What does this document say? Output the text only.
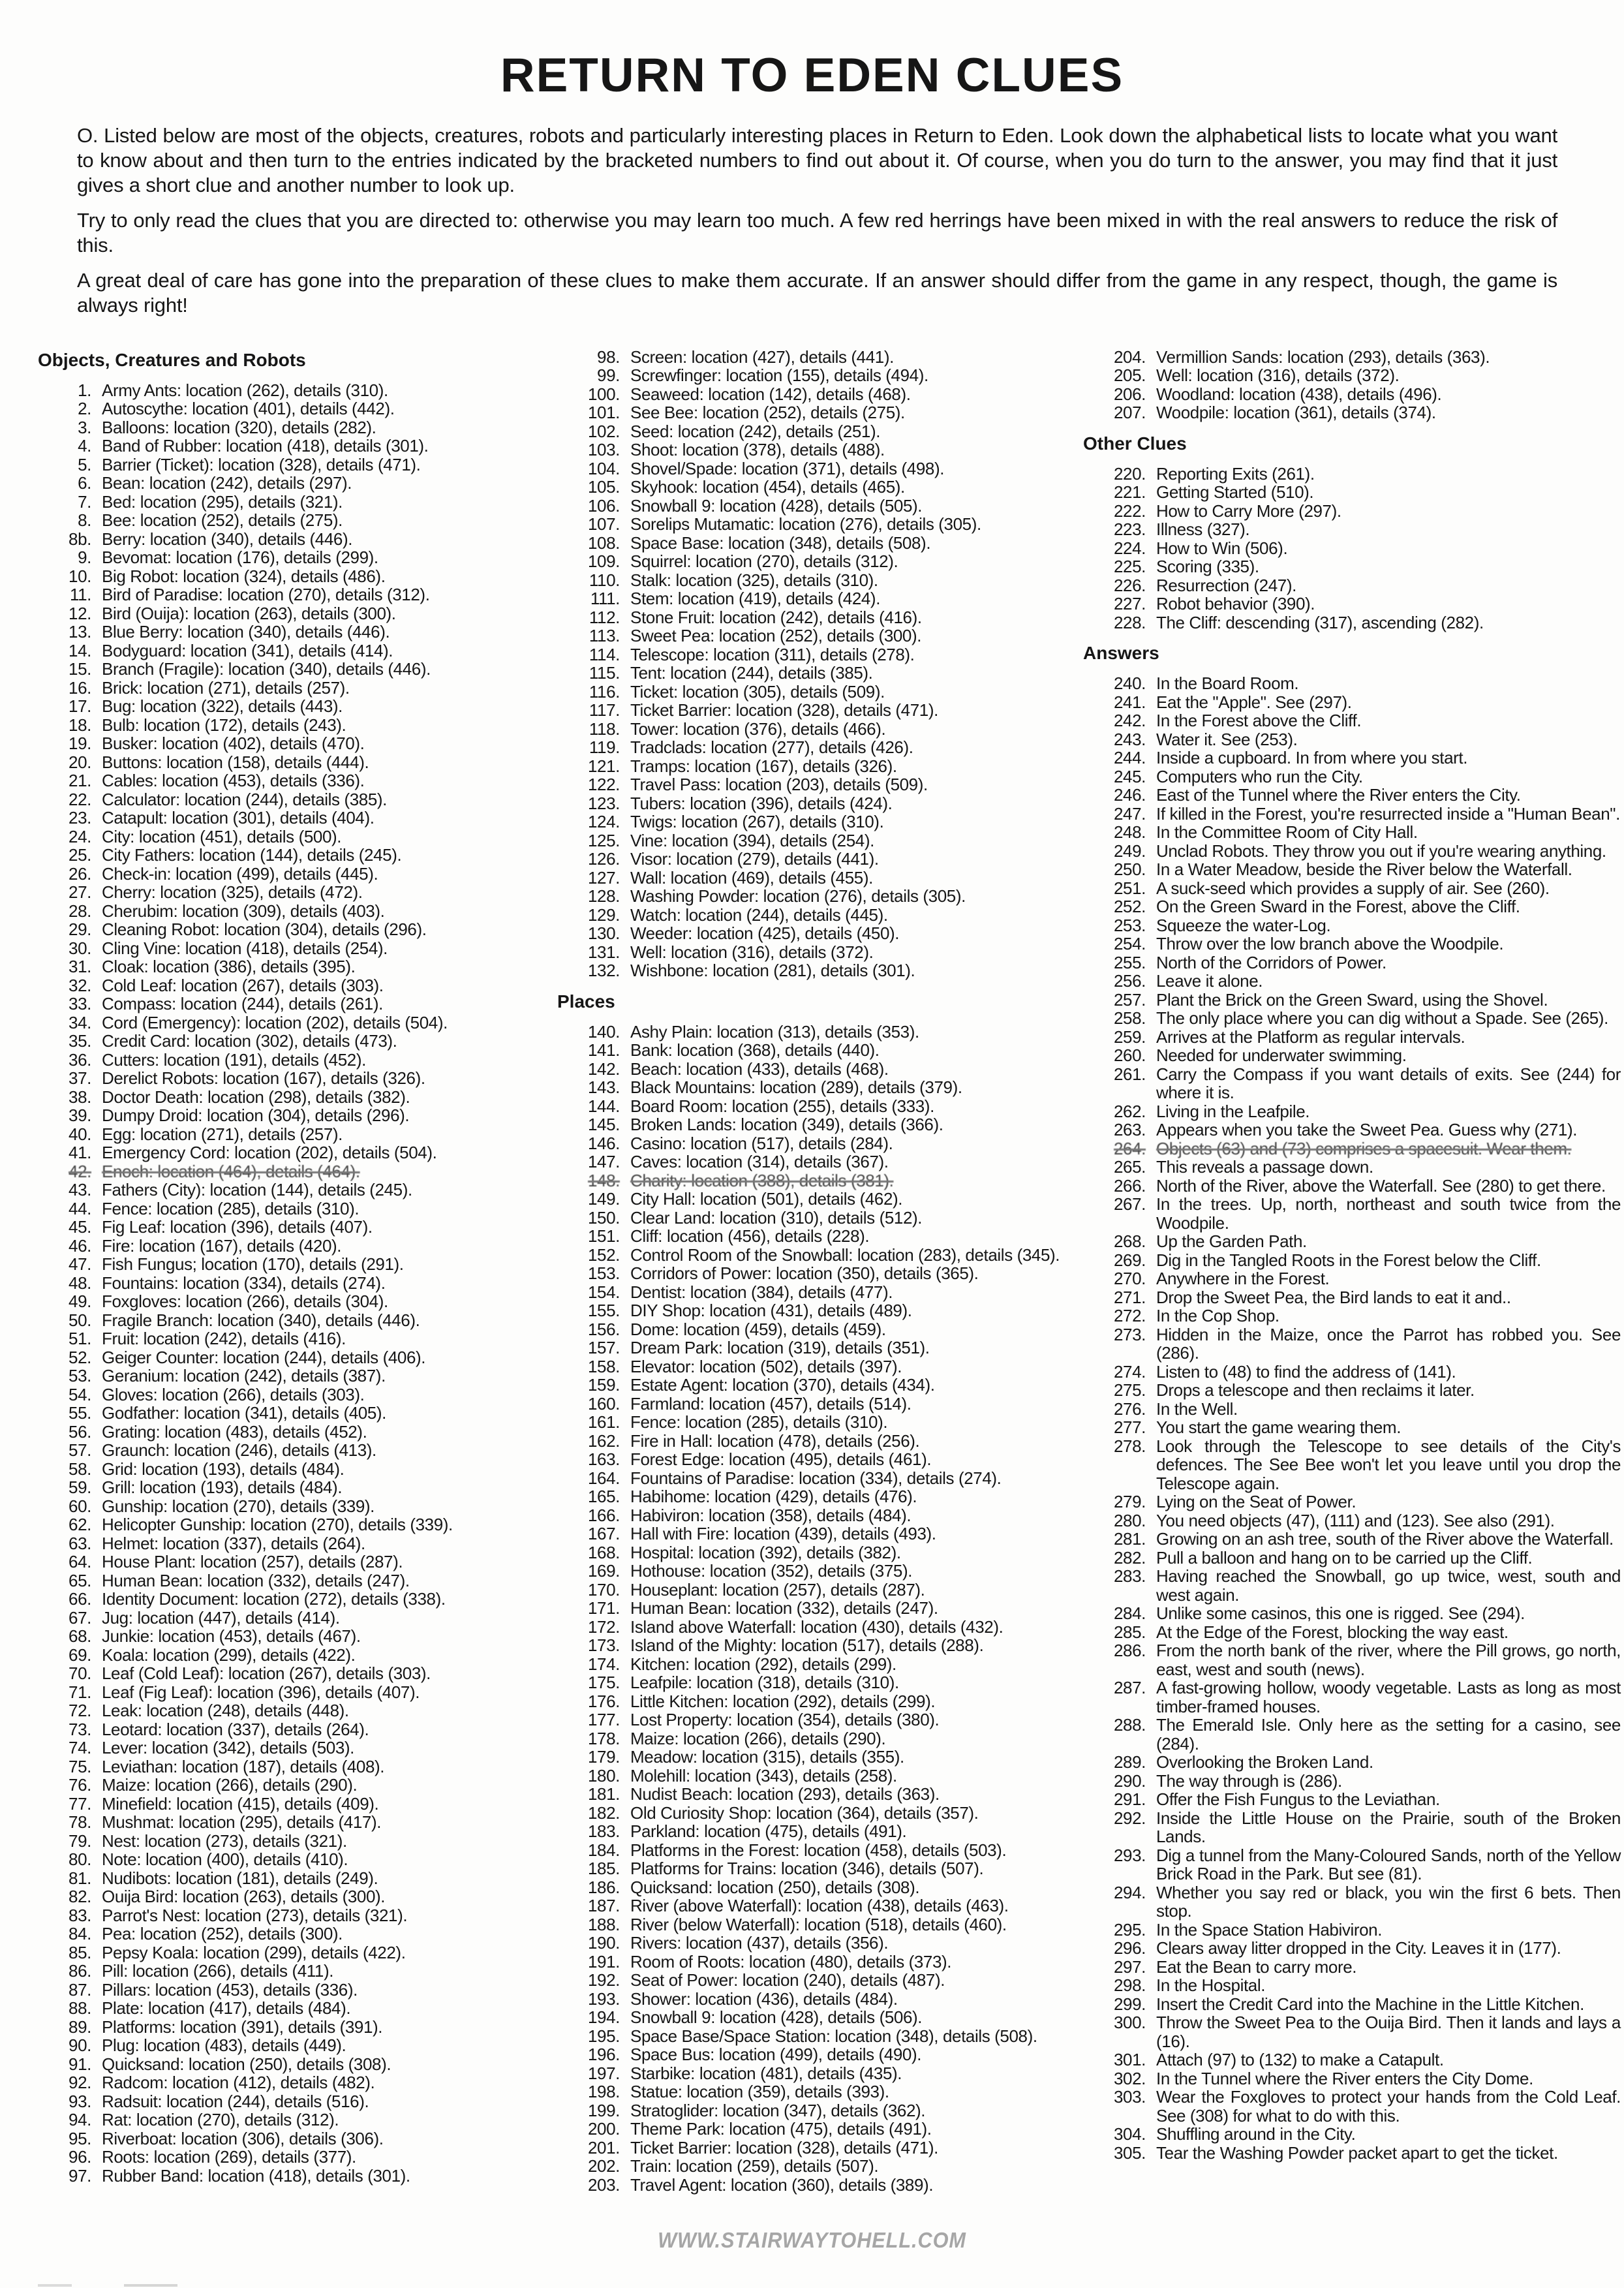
RETURN TO EDEN CLUES

O. Listed below are most of the objects, creatures, robots and particularly interesting places in Return to Eden. Look down the alphabetical lists to locate what you want to know about and then turn to the entries indicated by the bracketed numbers to find out about it. Of course, when you do turn to the answer, you may find that it just gives a short clue and another number to look up.

Try to only read the clues that you are directed to: otherwise you may learn too much. A few red herrings have been mixed in with the real answers to reduce the risk of this.

A great deal of care has gone into the preparation of these clues to make them accurate. If an answer should differ from the game in any respect, though, the game is always right!

Objects, Creatures and Robots
1. Army Ants: location (262), details (310).
2. Autoscythe: location (401), details (442).
3. Balloons: location (320), details (282).
4. Band of Rubber: location (418), details (301).
5. Barrier (Ticket): location (328), details (471).
6. Bean: location (242), details (297).
7. Bed: location (295), details (321).
8. Bee: location (252), details (275).
8b. Berry: location (340), details (446).
9. Bevomat: location (176), details (299).
10. Big Robot: location (324), details (486).
11. Bird of Paradise: location (270), details (312).
12. Bird (Ouija): location (263), details (300).
13. Blue Berry: location (340), details (446).
14. Bodyguard: location (341), details (414).
15. Branch (Fragile): location (340), details (446).
16. Brick: location (271), details (257).
17. Bug: location (322), details (443).
18. Bulb: location (172), details (243).
19. Busker: location (402), details (470).
20. Buttons: location (158), details (444).
21. Cables: location (453), details (336).
22. Calculator: location (244), details (385).
23. Catapult: location (301), details (404).
24. City: location (451), details (500).
25. City Fathers: location (144), details (245).
26. Check-in: location (499), details (445).
27. Cherry: location (325), details (472).
28. Cherubim: location (309), details (403).
29. Cleaning Robot: location (304), details (296).
30. Cling Vine: location (418), details (254).
31. Cloak: location (386), details (395).
32. Cold Leaf: location (267), details (303).
33. Compass: location (244), details (261).
34. Cord (Emergency): location (202), details (504).
35. Credit Card: location (302), details (473).
36. Cutters: location (191), details (452).
37. Derelict Robots: location (167), details (326).
38. Doctor Death: location (298), details (382).
39. Dumpy Droid: location (304), details (296).
40. Egg: location (271), details (257).
41. Emergency Cord: location (202), details (504).
42. Enoch: location (464), details (464).
43. Fathers (City): location (144), details (245).
44. Fence: location (285), details (310).
45. Fig Leaf: location (396), details (407).
46. Fire: location (167), details (420).
47. Fish Fungus; location (170), details (291).
48. Fountains: location (334), details (274).
49. Foxgloves: location (266), details (304).
50. Fragile Branch: location (340), details (446).
51. Fruit: location (242), details (416).
52. Geiger Counter: location (244), details (406).
53. Geranium: location (242), details (387).
54. Gloves: location (266), details (303).
55. Godfather: location (341), details (405).
56. Grating: location (483), details (452).
57. Graunch: location (246), details (413).
58. Grid: location (193), details (484).
59. Grill: location (193), details (484).
60. Gunship: location (270), details (339).
62. Helicopter Gunship: location (270), details (339).
63. Helmet: location (337), details (264).
64. House Plant: location (257), details (287).
65. Human Bean: location (332), details (247).
66. Identity Document: location (272), details (338).
67. Jug: location (447), details (414).
68. Junkie: location (453), details (467).
69. Koala: location (299), details (422).
70. Leaf (Cold Leaf): location (267), details (303).
71. Leaf (Fig Leaf): location (396), details (407).
72. Leak: location (248), details (448).
73. Leotard: location (337), details (264).
74. Lever: location (342), details (503).
75. Leviathan: location (187), details (408).
76. Maize: location (266), details (290).
77. Minefield: location (415), details (409).
78. Mushmat: location (295), details (417).
79. Nest: location (273), details (321).
80. Note: location (400), details (410).
81. Nudibots: location (181), details (249).
82. Ouija Bird: location (263), details (300).
83. Parrot's Nest: location (273), details (321).
84. Pea: location (252), details (300).
85. Pepsy Koala: location (299), details (422).
86. Pill: location (266), details (411).
87. Pillars: location (453), details (336).
88. Plate: location (417), details (484).
89. Platforms: location (391), details (391).
90. Plug: location (483), details (449).
91. Quicksand: location (250), details (308).
92. Radcom: location (412), details (482).
93. Radsuit: location (244), details (516).
94. Rat: location (270), details (312).
95. Riverboat: location (306), details (306).
96. Roots: location (269), details (377).
97. Rubber Band: location (418), details (301).
98. Screen: location (427), details (441).
99. Screwfinger: location (155), details (494).
100. Seaweed: location (142), details (468).
101. See Bee: location (252), details (275).
102. Seed: location (242), details (251).
103. Shoot: location (378), details (488).
104. Shovel/Spade: location (371), details (498).
105. Skyhook: location (454), details (465).
106. Snowball 9: location (428), details (505).
107. Sorelips Mutamatic: location (276), details (305).
108. Space Base: location (348), details (508).
109. Squirrel: location (270), details (312).
110. Stalk: location (325), details (310).
111. Stem: location (419), details (424).
112. Stone Fruit: location (242), details (416).
113. Sweet Pea: location (252), details (300).
114. Telescope: location (311), details (278).
115. Tent: location (244), details (385).
116. Ticket: location (305), details (509).
117. Ticket Barrier: location (328), details (471).
118. Tower: location (376), details (466).
119. Tradclads: location (277), details (426).
121. Tramps: location (167), details (326).
122. Travel Pass: location (203), details (509).
123. Tubers: location (396), details (424).
124. Twigs: location (267), details (310).
125. Vine: location (394), details (254).
126. Visor: location (279), details (441).
127. Wall: location (469), details (455).
128. Washing Powder: location (276), details (305).
129. Watch: location (244), details (445).
130. Weeder: location (425), details (450).
131. Well: location (316), details (372).
132. Wishbone: location (281), details (301).
Places
140. Ashy Plain: location (313), details (353).
141. Bank: location (368), details (440).
142. Beach: location (433), details (468).
143. Black Mountains: location (289), details (379).
144. Board Room: location (255), details (333).
145. Broken Lands: location (349), details (366).
146. Casino: location (517), details (284).
147. Caves: location (314), details (367).
148. Charity: location (388), details (381).
149. City Hall: location (501), details (462).
150. Clear Land: location (310), details (512).
151. Cliff: location (456), details (228).
152. Control Room of the Snowball: location (283), details (345).
153. Corridors of Power: location (350), details (365).
154. Dentist: location (384), details (477).
155. DIY Shop: location (431), details (489).
156. Dome: location (459), details (459).
157. Dream Park: location (319), details (351).
158. Elevator: location (502), details (397).
159. Estate Agent: location (370), details (434).
160. Farmland: location (457), details (514).
161. Fence: location (285), details (310).
162. Fire in Hall: location (478), details (256).
163. Forest Edge: location (495), details (461).
164. Fountains of Paradise: location (334), details (274).
165. Habihome: location (429), details (476).
166. Habiviron: location (358), details (484).
167. Hall with Fire: location (439), details (493).
168. Hospital: location (392), details (382).
169. Hothouse: location (352), details (375).
170. Houseplant: location (257), details (287).
171. Human Bean: location (332), details (247).
172. Island above Waterfall: location (430), details (432).
173. Island of the Mighty: location (517), details (288).
174. Kitchen: location (292), details (299).
175. Leafpile: location (318), details (310).
176. Little Kitchen: location (292), details (299).
177. Lost Property: location (354), details (380).
178. Maize: location (266), details (290).
179. Meadow: location (315), details (355).
180. Molehill: location (343), details (258).
181. Nudist Beach: location (293), details (363).
182. Old Curiosity Shop: location (364), details (357).
183. Parkland: location (475), details (491).
184. Platforms in the Forest: location (458), details (503).
185. Platforms for Trains: location (346), details (507).
186. Quicksand: location (250), details (308).
187. River (above Waterfall): location (438), details (463).
188. River (below Waterfall): location (518), details (460).
190. Rivers: location (437), details (356).
191. Room of Roots: location (480), details (373).
192. Seat of Power: location (240), details (487).
193. Shower: location (436), details (484).
194. Snowball 9: location (428), details (506).
195. Space Base/Space Station: location (348), details (508).
196. Space Bus: location (499), details (490).
197. Starbike: location (481), details (435).
198. Statue: location (359), details (393).
199. Stratoglider: location (347), details (362).
200. Theme Park: location (475), details (491).
201. Ticket Barrier: location (328), details (471).
202. Train: location (259), details (507).
203. Travel Agent: location (360), details (389).
204. Vermillion Sands: location (293), details (363).
205. Well: location (316), details (372).
206. Woodland: location (438), details (496).
207. Woodpile: location (361), details (374).
Other Clues
220. Reporting Exits (261).
221. Getting Started (510).
222. How to Carry More (297).
223. Illness (327).
224. How to Win (506).
225. Scoring (335).
226. Resurrection (247).
227. Robot behavior (390).
228. The Cliff: descending (317), ascending (282).
Answers
240. In the Board Room.
241. Eat the "Apple". See (297).
242. In the Forest above the Cliff.
243. Water it. See (253).
244. Inside a cupboard. In from where you start.
245. Computers who run the City.
246. East of the Tunnel where the River enters the City.
247. If killed in the Forest, you're resurrected inside a "Human Bean".
248. In the Committee Room of City Hall.
249. Unclad Robots. They throw you out if you're wearing anything.
250. In a Water Meadow, beside the River below the Waterfall.
251. A suck-seed which provides a supply of air. See (260).
252. On the Green Sward in the Forest, above the Cliff.
253. Squeeze the water-Log.
254. Throw over the low branch above the Woodpile.
255. North of the Corridors of Power.
256. Leave it alone.
257. Plant the Brick on the Green Sward, using the Shovel.
258. The only place where you can dig without a Spade. See (265).
259. Arrives at the Platform as regular intervals.
260. Needed for underwater swimming.
261. Carry the Compass if you want details of exits. See (244) for where it is.
262. Living in the Leafpile.
263. Appears when you take the Sweet Pea. Guess why (271).
264. Objects (63) and (73) comprises a spacesuit. Wear them.
265. This reveals a passage down.
266. North of the River, above the Waterfall. See (280) to get there.
267. In the trees. Up, north, northeast and south twice from the Woodpile.
268. Up the Garden Path.
269. Dig in the Tangled Roots in the Forest below the Cliff.
270. Anywhere in the Forest.
271. Drop the Sweet Pea, the Bird lands to eat it and..
272. In the Cop Shop.
273. Hidden in the Maize, once the Parrot has robbed you. See (286).
274. Listen to (48) to find the address of (141).
275. Drops a telescope and then reclaims it later.
276. In the Well.
277. You start the game wearing them.
278. Look through the Telescope to see details of the City's defences. The See Bee won't let you leave until you drop the Telescope again.
279. Lying on the Seat of Power.
280. You need objects (47), (111) and (123). See also (291).
281. Growing on an ash tree, south of the River above the Waterfall.
282. Pull a balloon and hang on to be carried up the Cliff.
283. Having reached the Snowball, go up twice, west, south and west again.
284. Unlike some casinos, this one is rigged. See (294).
285. At the Edge of the Forest, blocking the way east.
286. From the north bank of the river, where the Pill grows, go north, east, west and south (news).
287. A fast-growing hollow, woody vegetable. Lasts as long as most timber-framed houses.
288. The Emerald Isle. Only here as the setting for a casino, see (284).
289. Overlooking the Broken Land.
290. The way through is (286).
291. Offer the Fish Fungus to the Leviathan.
292. Inside the Little House on the Prairie, south of the Broken Lands.
293. Dig a tunnel from the Many-Coloured Sands, north of the Yellow Brick Road in the Park. But see (81).
294. Whether you say red or black, you win the first 6 bets. Then stop.
295. In the Space Station Habiviron.
296. Clears away litter dropped in the City. Leaves it in (177).
297. Eat the Bean to carry more.
298. In the Hospital.
299. Insert the Credit Card into the Machine in the Little Kitchen.
300. Throw the Sweet Pea to the Ouija Bird. Then it lands and lays a (16).
301. Attach (97) to (132) to make a Catapult.
302. In the Tunnel where the River enters the City Dome.
303. Wear the Foxgloves to protect your hands from the Cold Leaf. See (308) for what to do with this.
304. Shuffling around in the City.
305. Tear the Washing Powder packet apart to get the ticket.
WWW.STAIRWAYTOHELL.COM
